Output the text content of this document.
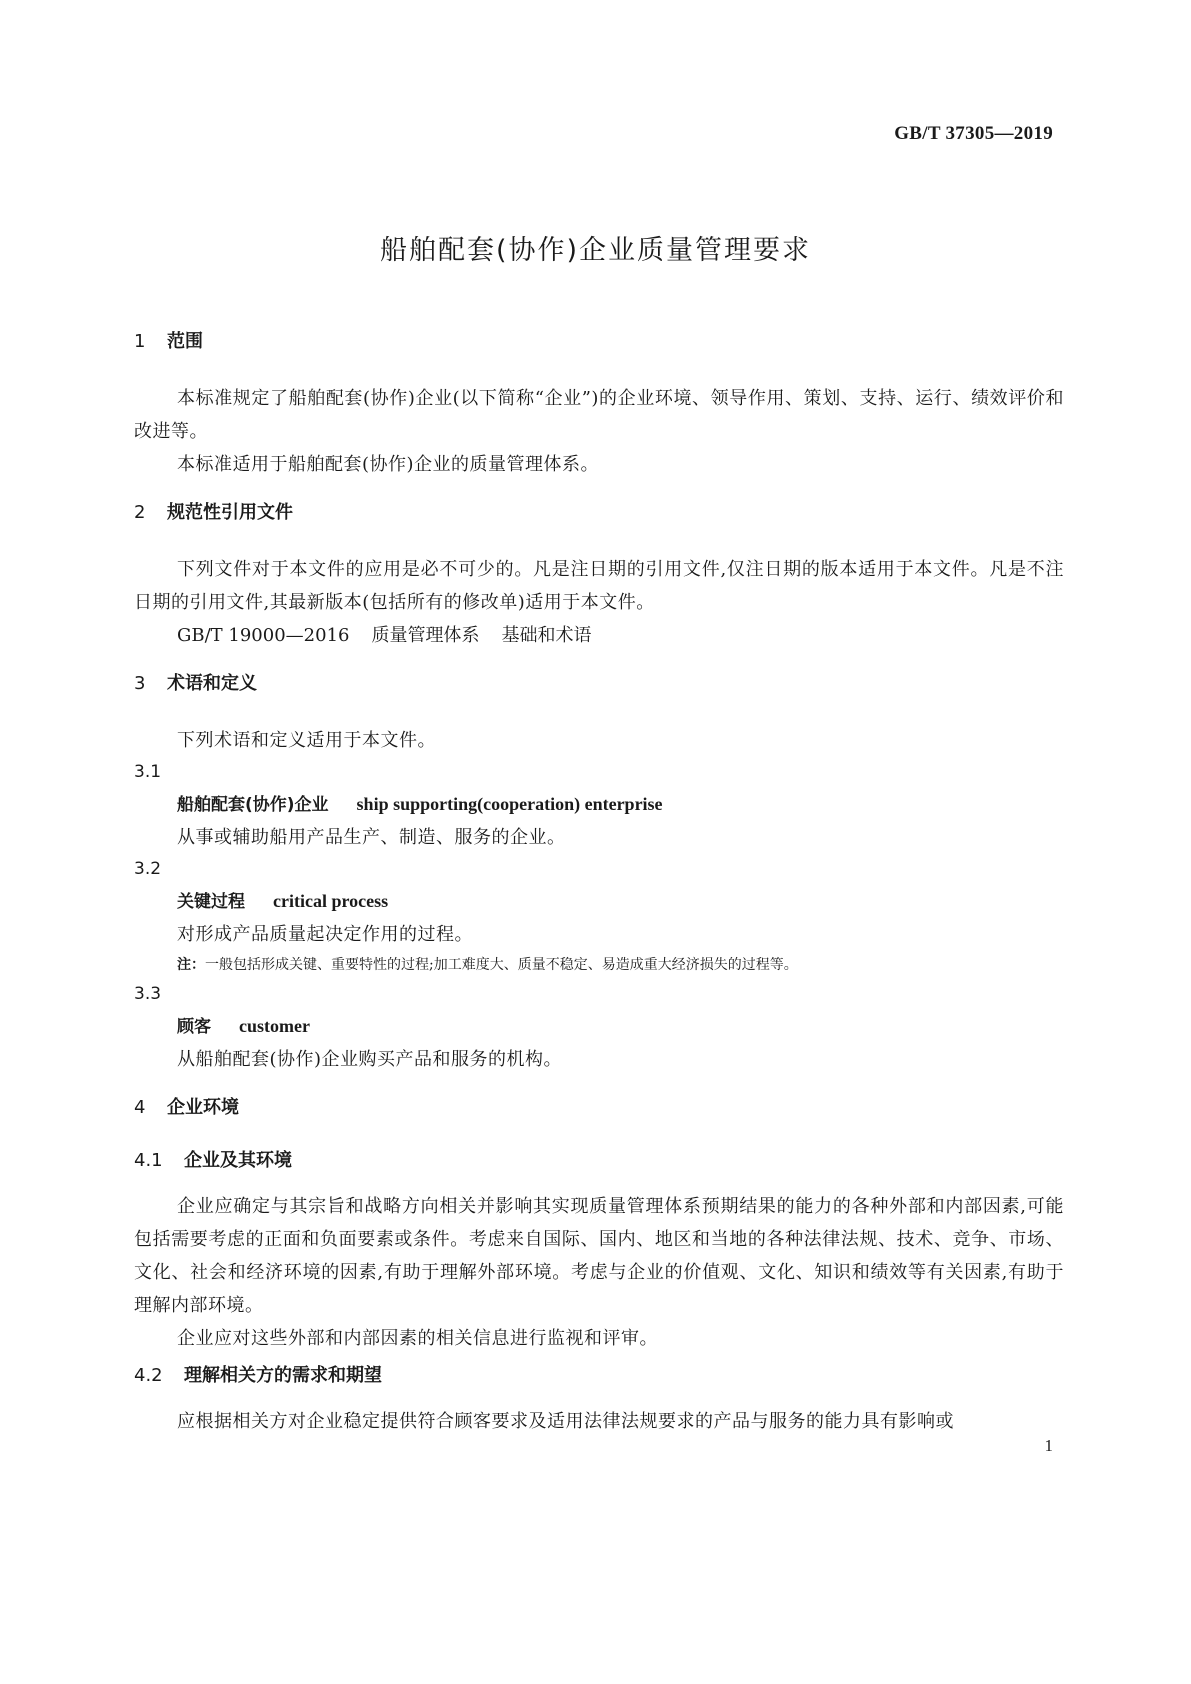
GB/T 37305—2019
船舶配套(协作)企业质量管理要求
1 范围

本标准规定了船舶配套(协作)企业(以下简称“企业”)的企业环境、领导作用、策划、支持、运行、绩效评价和改进等。

本标准适用于船舶配套(协作)企业的质量管理体系。

2 规范性引用文件

下列文件对于本文件的应用是必不可少的。凡是注日期的引用文件,仅注日期的版本适用于本文件。凡是不注日期的引用文件,其最新版本(包括所有的修改单)适用于本文件。

GB/T 19000—2016 质量管理体系 基础和术语
3 术语和定义

下列术语和定义适用于本文件。

3.1
船舶配套(协作)企业 ship supporting(cooperation) enterprise
从事或辅助船用产品生产、制造、服务的企业。
3.2
关键过程 critical process
对形成产品质量起决定作用的过程。
注：一般包括形成关键、重要特性的过程;加工难度大、质量不稳定、易造成重大经济损失的过程等。
3.3
顾客 customer
从船舶配套(协作)企业购买产品和服务的机构。
4 企业环境
4.1 企业及其环境

企业应确定与其宗旨和战略方向相关并影响其实现质量管理体系预期结果的能力的各种外部和内部因素,可能包括需要考虑的正面和负面要素或条件。考虑来自国际、国内、地区和当地的各种法律法规、技术、竞争、市场、文化、社会和经济环境的因素,有助于理解外部环境。考虑与企业的价值观、文化、知识和绩效等有关因素,有助于理解内部环境。

企业应对这些外部和内部因素的相关信息进行监视和评审。

4.2 理解相关方的需求和期望

应根据相关方对企业稳定提供符合顾客要求及适用法律法规要求的产品与服务的能力具有影响或

1
